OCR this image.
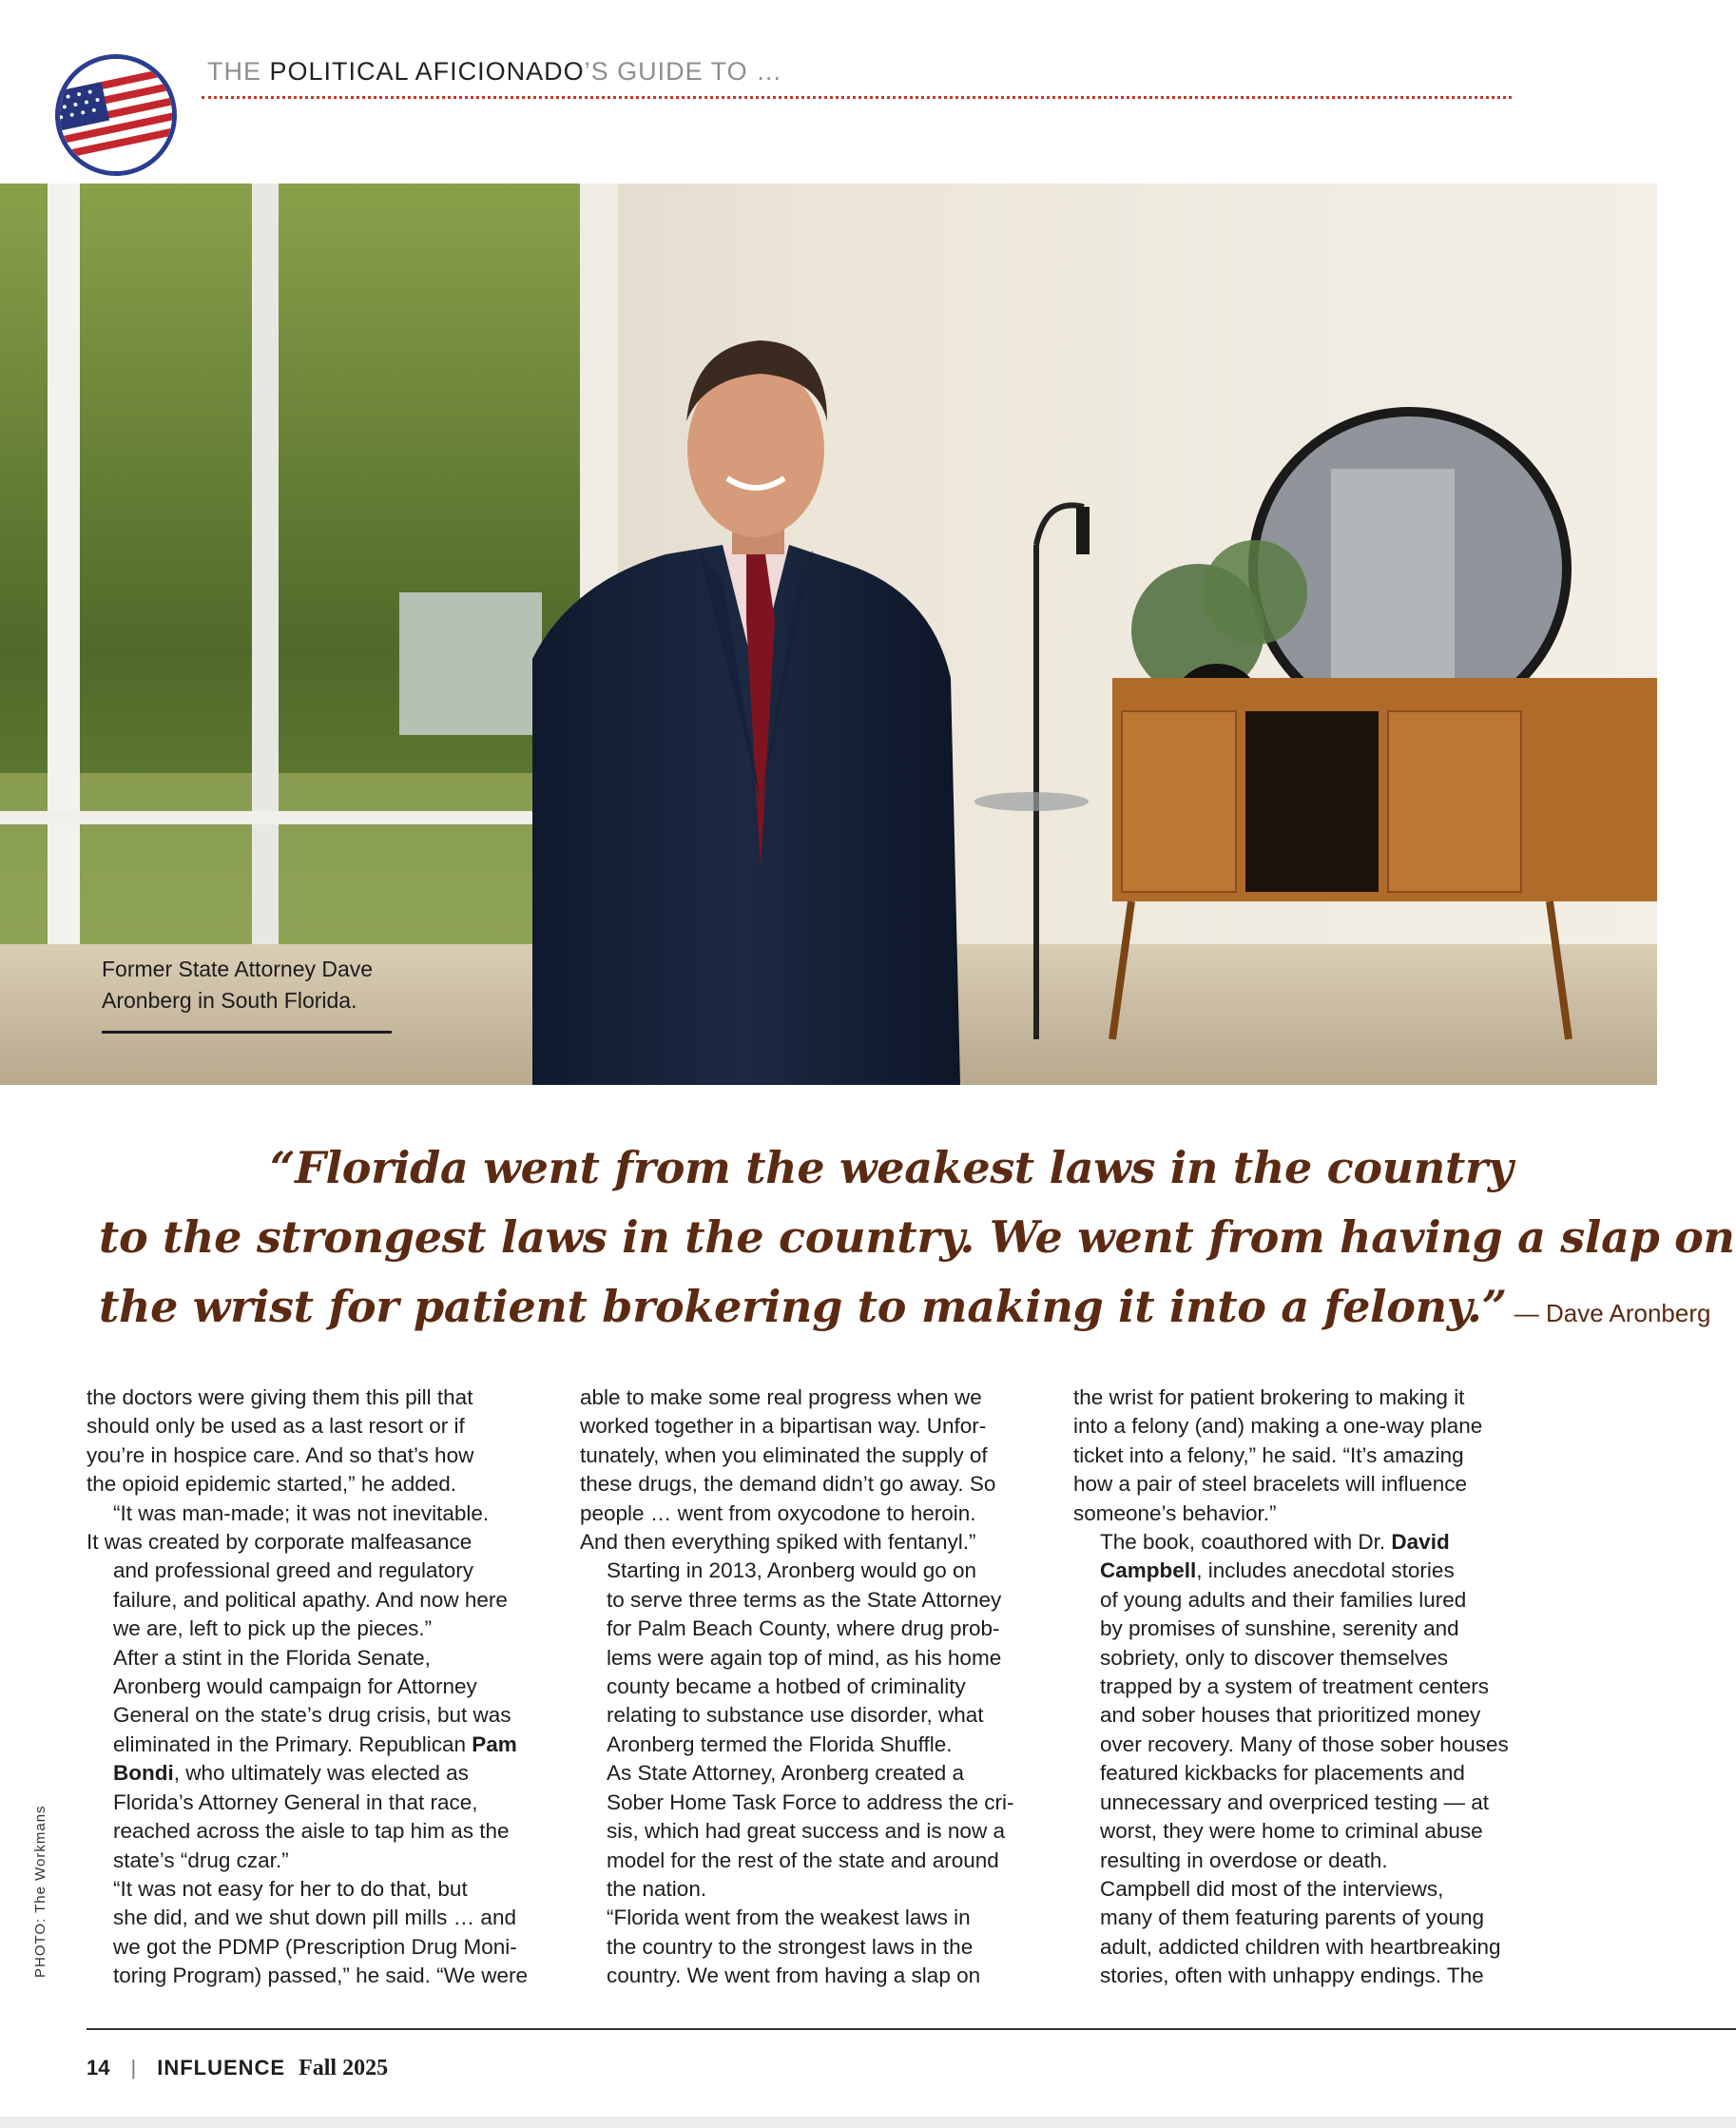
THE POLITICAL AFICIONADO’S GUIDE TO …
Former State Attorney Dave
Aronberg in South Florida.
“Florida went from the weakest laws in the country
to the strongest laws in the country. We went from having a slap on
the wrist for patient brokering to making it into a felony.” — Dave Aronberg

the doctors were giving them this pill that
should only be used as a last resort or if
you’re in hospice care. And so that’s how
the opioid epidemic started,” he added.

“It was man-made; it was not inevitable.
It was created by corporate malfeasance
and professional greed and regulatory
failure, and political apathy. And now here
we are, left to pick up the pieces.”

After a stint in the Florida Senate,
Aronberg would campaign for Attorney
General on the state’s drug crisis, but was
eliminated in the Primary. Republican Pam
Bondi, who ultimately was elected as
Florida’s Attorney General in that race,
reached across the aisle to tap him as the
state’s “drug czar.”

“It was not easy for her to do that, but
she did, and we shut down pill mills … and
we got the PDMP (Prescription Drug Moni-
toring Program) passed,” he said. “We were

able to make some real progress when we
worked together in a bipartisan way. Unfor-
tunately, when you eliminated the supply of
these drugs, the demand didn’t go away. So
people … went from oxycodone to heroin.
And then everything spiked with fentanyl.”

Starting in 2013, Aronberg would go on
to serve three terms as the State Attorney
for Palm Beach County, where drug prob-
lems were again top of mind, as his home
county became a hotbed of criminality
relating to substance use disorder, what
Aronberg termed the Florida Shuffle.

As State Attorney, Aronberg created a
Sober Home Task Force to address the cri-
sis, which had great success and is now a
model for the rest of the state and around
the nation.

“Florida went from the weakest laws in
the country to the strongest laws in the
country. We went from having a slap on

the wrist for patient brokering to making it
into a felony (and) making a one-way plane
ticket into a felony,” he said. “It’s amazing
how a pair of steel bracelets will influence
someone’s behavior.”

The book, coauthored with Dr. David
Campbell, includes anecdotal stories
of young adults and their families lured
by promises of sunshine, serenity and
sobriety, only to discover themselves
trapped by a system of treatment centers
and sober houses that prioritized money
over recovery. Many of those sober houses
featured kickbacks for placements and
unnecessary and overpriced testing — at
worst, they were home to criminal abuse
resulting in overdose or death.

Campbell did most of the interviews,
many of them featuring parents of young
adult, addicted children with heartbreaking
stories, often with unhappy endings. The

PHOTO: The Workmans
14 | INFLUENCE Fall 2025
